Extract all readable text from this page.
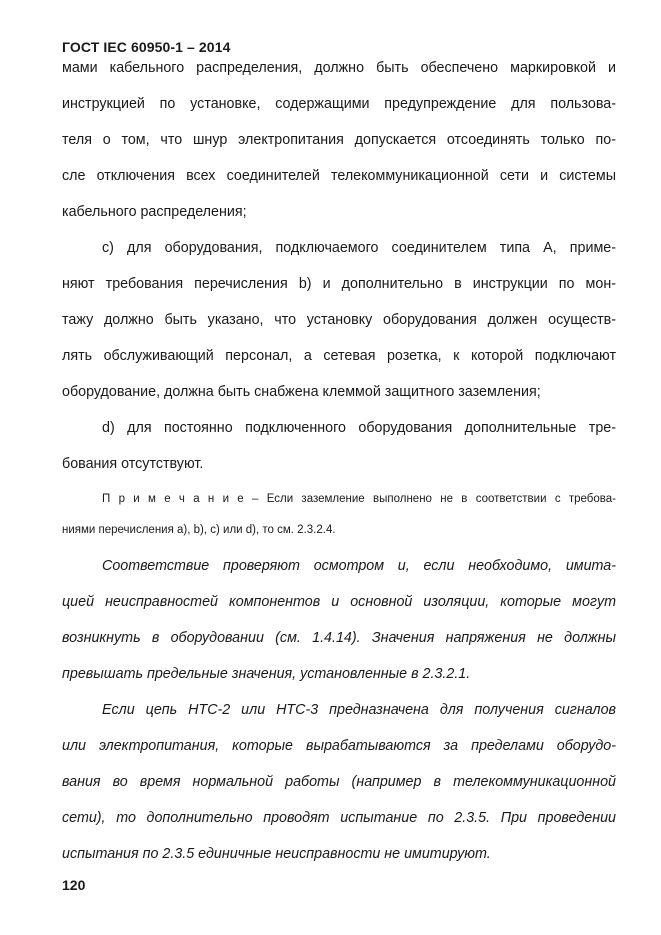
ГОСТ IEC 60950-1 – 2014
мами кабельного распределения, должно быть обеспечено маркировкой и
инструкцией по установке, содержащими предупреждение для пользова-
теля о том, что шнур электропитания допускается отсоединять только по-
сле отключения всех соединителей телекоммуникационной сети и системы
кабельного распределения;
c) для оборудования, подключаемого соединителем типа А, приме-
няют требования перечисления b) и дополнительно в инструкции по мон-
тажу должно быть указано, что установку оборудования должен осуществ-
лять обслуживающий персонал, а сетевая розетка, к которой подключают
оборудование, должна быть снабжена клеммой защитного заземления;
d) для постоянно подключенного оборудования дополнительные тре-
бования отсутствуют.
П р и м е ч а н и е – Если заземление выполнено не в соответствии с требова-
ниями перечисления a), b), c) или d), то см. 2.3.2.4.
Соответствие проверяют осмотром и, если необходимо, имита-
цией неисправностей компонентов и основной изоляции, которые могут
возникнуть в оборудовании (см. 1.4.14). Значения напряжения не должны
превышать предельные значения, установленные в 2.3.2.1.
Если цепь НТС-2 или НТС-3 предназначена для получения сигналов
или электропитания, которые вырабатываются за пределами оборудо-
вания во время нормальной работы (например в телекоммуникационной
сети), то дополнительно проводят испытание по 2.3.5. При проведении
испытания по 2.3.5 единичные неисправности не имитируют.
120
